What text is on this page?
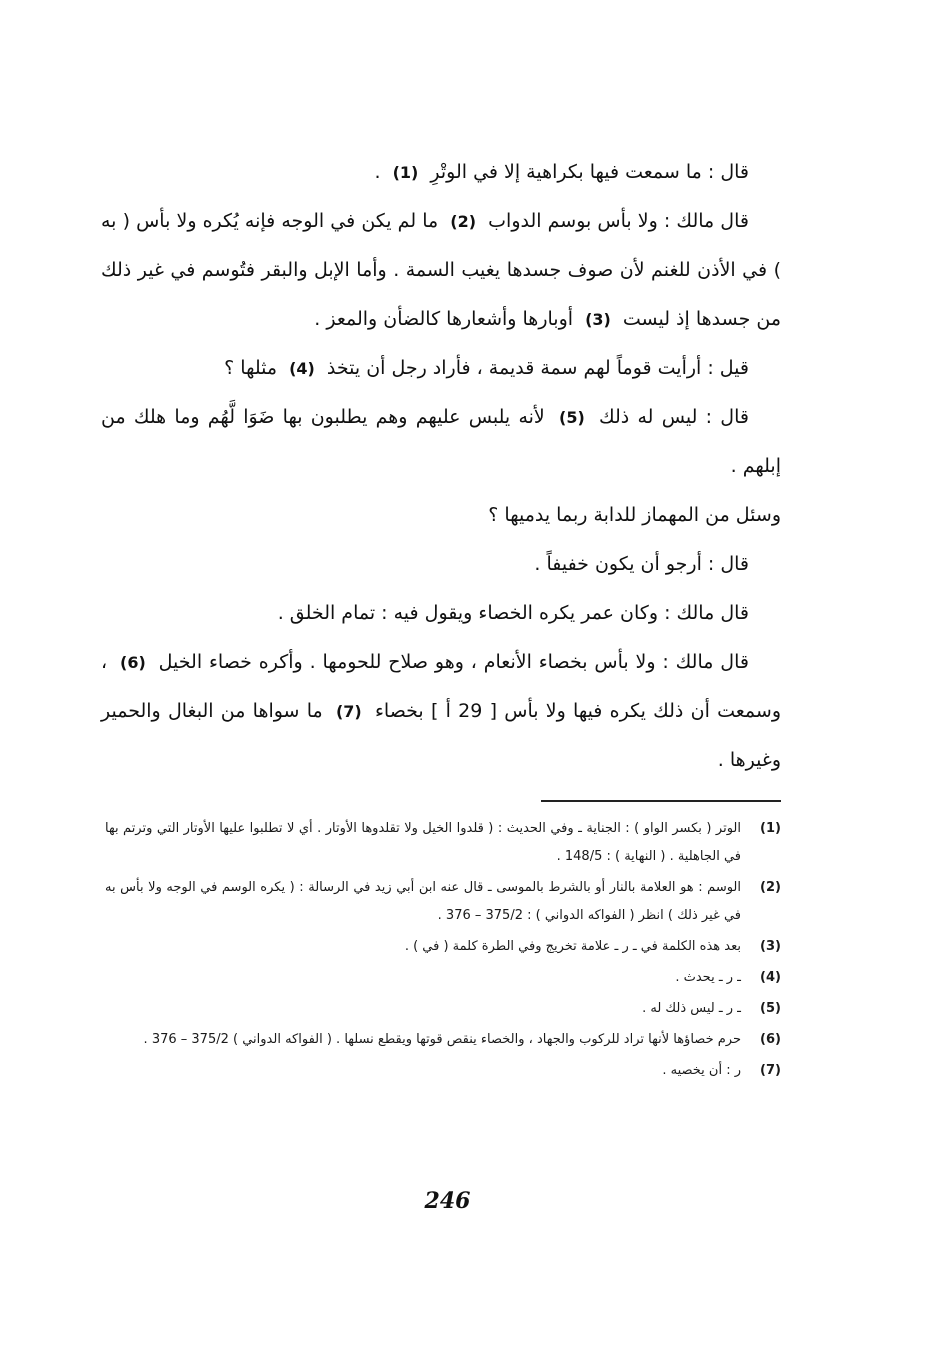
قال : ما سمعت فيها بكراهية إلا في الوتْرِ (1) .

قال مالك : ولا بأس بوسم الدواب (2) ما لم يكن في الوجه فإنه يُكره ولا بأس ( به ) في الأذن للغنم لأن صوف جسدها يغيب السمة . وأما الإبل والبقر فتُوسم في غير ذلك من جسدها إذ ليست (3) أوبارها وأشعارها كالضأن والمعز .

قيل : أرأيت قوماً لهم سمة قديمة ، فأراد رجل أن يتخذ (4) مثلها ؟

قال : ليس له ذلك (5) لأنه يلبس عليهم وهم يطلبون بها ضَوَا لَّهُم وما هلك من إبلهم .

وسئل من المهماز للدابة ربما يدميها ؟

قال : أرجو أن يكون خفيفاً .

قال مالك : وكان عمر يكره الخصاء ويقول فيه : تمام الخلق .

قال مالك : ولا بأس بخصاء الأنعام ، وهو صلاح للحومها . وأكره خصاء الخيل (6) ، وسمعت أن ذلك يكره فيها ولا بأس [ 29 أ ] بخصاء (7) ما سواها من البغال والحمير وغيرها .

(1)
الوتر ( بكسر الواو ) : الجناية ـ وفي الحديث : ( قلدوا الخيل ولا تقلدوها الأوتار . أي لا تطلبوا عليها الأوتار التي وترتم بها في الجاهلية . ( النهاية ) : 148/5 .
(2)
الوسم : هو العلامة بالنار أو بالشرط بالموسى ـ قال عنه ابن أبي زيد في الرسالة : ( يكره الوسم في الوجه ولا بأس به في غير ذلك ) انظر ( الفواكه الدواني ) : 375/2 – 376 .
(3)
بعد هذه الكلمة في ـ ر ـ علامة تخريج وفي الطرة كلمة ( في ) .
(4)
ـ ر ـ يحدث .
(5)
ـ ر ـ ليس ذلك له .
(6)
حرم خصاؤها لأنها تراد للركوب والجهاد ، والخصاء ينقص قوتها ويقطع نسلها . ( الفواكه الدواني ) 375/2 – 376 .
(7)
ر : أن يخصيه .
246
